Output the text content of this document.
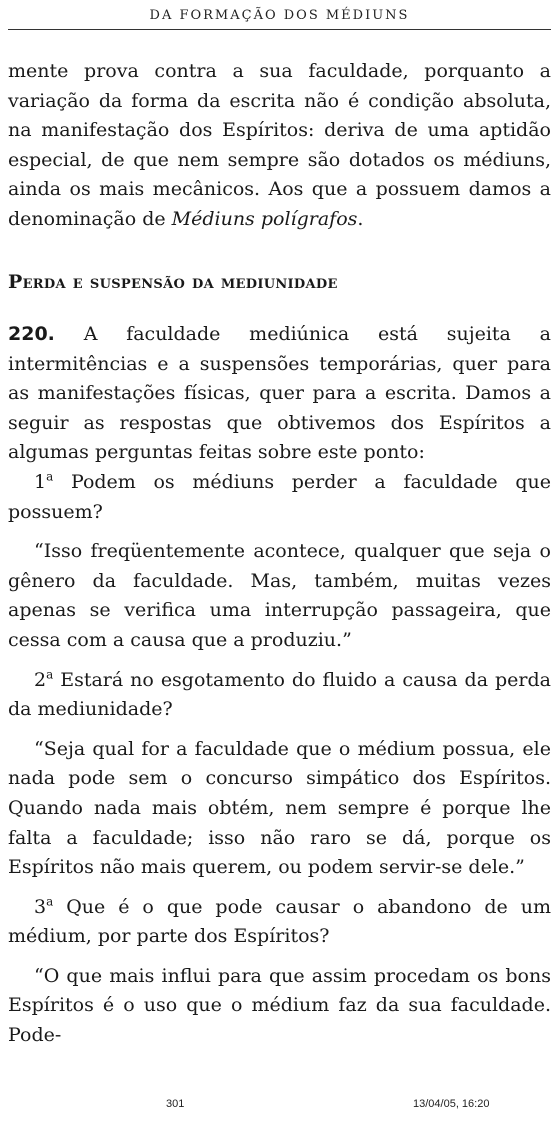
DA FORMAÇÃO DOS MÉDIUNS

mente prova contra a sua faculdade, porquanto a variação da forma da escrita não é condição absoluta, na manifestação dos Espíritos: deriva de uma aptidão especial, de que nem sempre são dotados os médiuns, ainda os mais mecânicos. Aos que a possuem damos a denominação de Médiuns polígrafos.

Perda e suspensão da mediunidade

220. A faculdade mediúnica está sujeita a intermitências e a suspensões temporárias, quer para as manifestações físicas, quer para a escrita. Damos a seguir as respostas que obtivemos dos Espíritos a algumas perguntas feitas sobre este ponto:

1$^a$ Podem os médiuns perder a faculdade que possuem?

“Isso freqüentemente acontece, qualquer que seja o gênero da faculdade. Mas, também, muitas vezes apenas se verifica uma interrupção passageira, que cessa com a causa que a produziu.”

2$^a$ Estará no esgotamento do fluido a causa da perda da mediunidade?

“Seja qual for a faculdade que o médium possua, ele nada pode sem o concurso simpático dos Espíritos. Quando nada mais obtém, nem sempre é porque lhe falta a faculdade; isso não raro se dá, porque os Espíritos não mais querem, ou podem servir-se dele.”

3$^a$ Que é o que pode causar o abandono de um médium, por parte dos Espíritos?

“O que mais influi para que assim procedam os bons Espíritos é o uso que o médium faz da sua faculdade. Pode-

301	13/04/05, 16:20
